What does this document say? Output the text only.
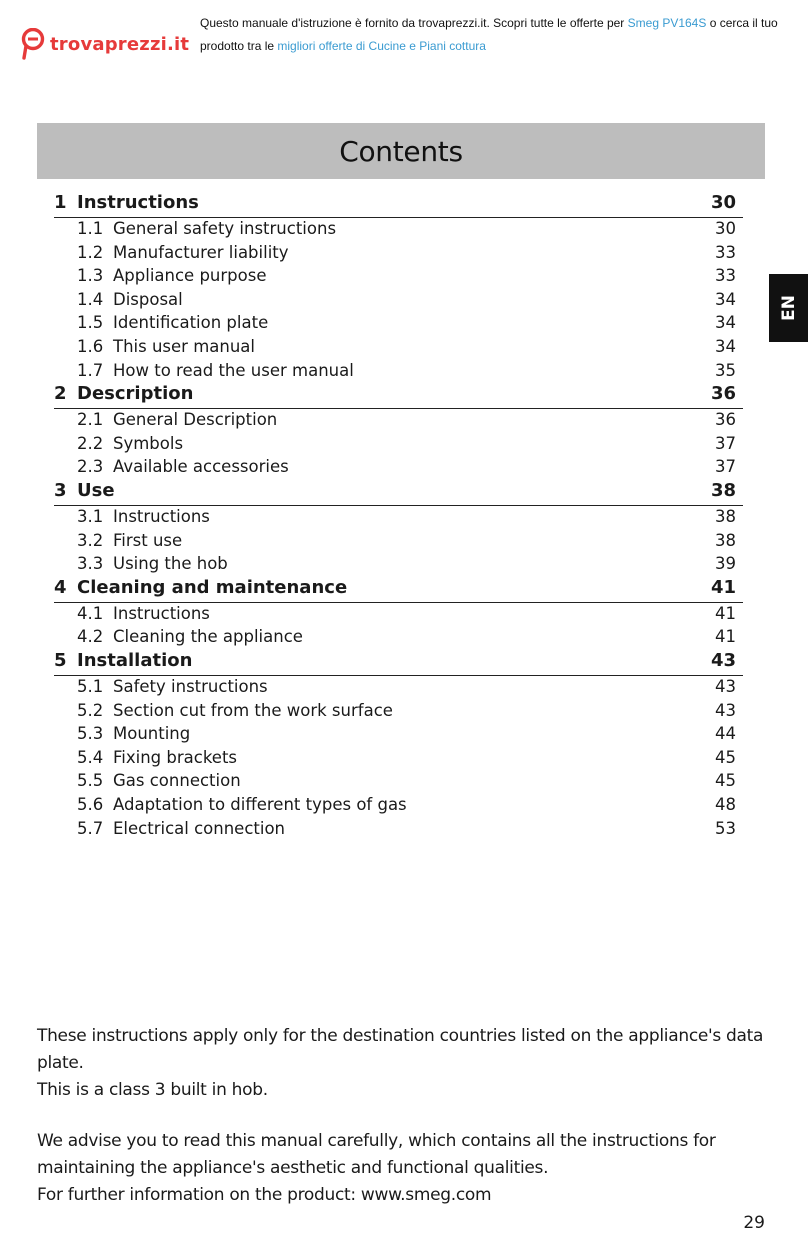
trovaprezzi.it
Questo manuale d'istruzione è fornito da trovaprezzi.it. Scopri tutte le offerte per Smeg PV164S o cerca il tuo prodotto tra le migliori offerte di Cucine e Piani cottura
Contents
EN
1 Instructions	30
1.1 General safety instructions	30
1.2 Manufacturer liability	33
1.3 Appliance purpose	33
1.4 Disposal	34
1.5 Identification plate	34
1.6 This user manual	34
1.7 How to read the user manual	35
2 Description	36
2.1 General Description	36
2.2 Symbols	37
2.3 Available accessories	37
3 Use	38
3.1 Instructions	38
3.2 First use	38
3.3 Using the hob	39
4 Cleaning and maintenance	41
4.1 Instructions	41
4.2 Cleaning the appliance	41
5 Installation	43
5.1 Safety instructions	43
5.2 Section cut from the work surface	43
5.3 Mounting	44
5.4 Fixing brackets	45
5.5 Gas connection	45
5.6 Adaptation to different types of gas	48
5.7 Electrical connection	53
These instructions apply only for the destination countries listed on the appliance's data plate.
This is a class 3 built in hob.
We advise you to read this manual carefully, which contains all the instructions for
maintaining the appliance's aesthetic and functional qualities.
For further information on the product: www.smeg.com
29
